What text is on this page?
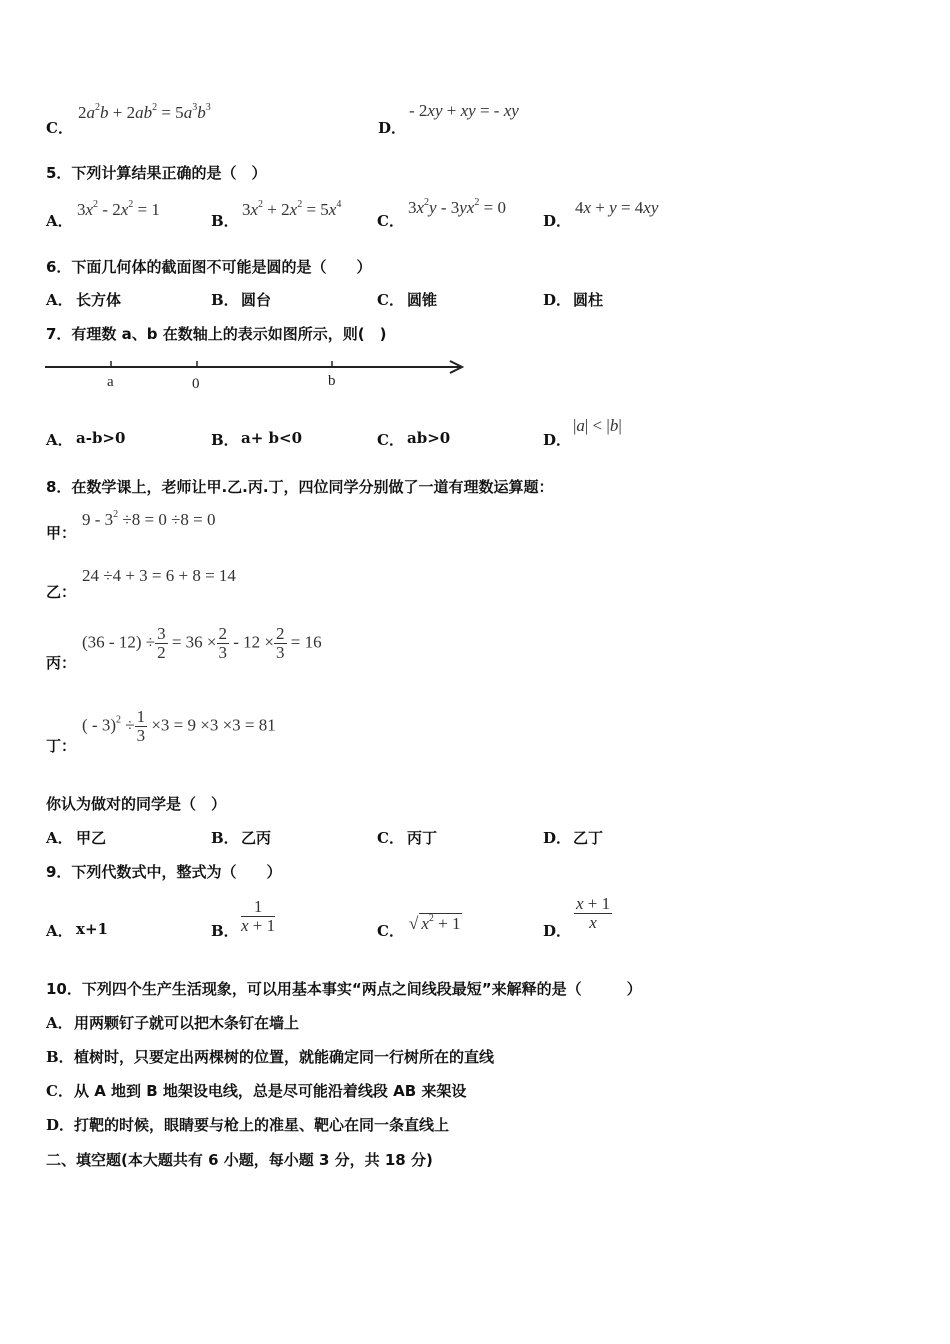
C．
$2a^2b + 2ab^2 = 5a^3b^3$
D．
- 2xy + xy = - xy
5．下列计算结果正确的是（　）
A．
$3x^2 - 2x^2 = 1$
B．
$3x^2 + 2x^2 = 5x^4$
C．
$3x^2y - 3yx^2 = 0$
D．
4x + y = 4xy
6．下面几何体的截面图不可能是圆的是（　　）
A． 长方体	B． 圆台	C． 圆锥	D． 圆柱
7．有理数 a、b 在数轴上的表示如图所示，则(　)
a	0	b
A． a-b>0	B． a+ b<0	C． ab>0	D．
|a| < |b|
8．在数学课上，老师让甲.乙.丙.丁，四位同学分别做了一道有理数运算题：
甲：
$9 - 3^2 \div 8 = 0 \div 8 = 0$
乙：
24 ÷4 + 3 = 6 + 8 = 14
丙：
$(36 - 12) \div \frac{3}{2} = 36 \times \frac{2}{3} - 12 \times \frac{2}{3} = 16$
丁：
( - $3)^2 \div \frac{1}{3} \times 3 = 9 \times 3 \times 3 = 81$
你认为做对的同学是（　）
A． 甲乙	B． 乙丙	C． 丙丁	D． 乙丁
9．下列代数式中，整式为（　　）
A． x+1	B． $\frac{1}{x + 1}$	C． √ $x^2 + 1$	D． $\frac{x + 1}{x}$
10．下列四个生产生活现象，可以用基本事实“两点之间线段最短”来解释的是（　　　）
A． 用两颗钉子就可以把木条钉在墙上
B． 植树时，只要定出两棵树的位置，就能确定同一行树所在的直线
C． 从 A 地到 B 地架设电线，总是尽可能沿着线段 AB 来架设
D． 打靶的时候，眼睛要与枪上的准星、靶心在同一条直线上
二、填空题(本大题共有 6 小题，每小题 3 分，共 18 分)
